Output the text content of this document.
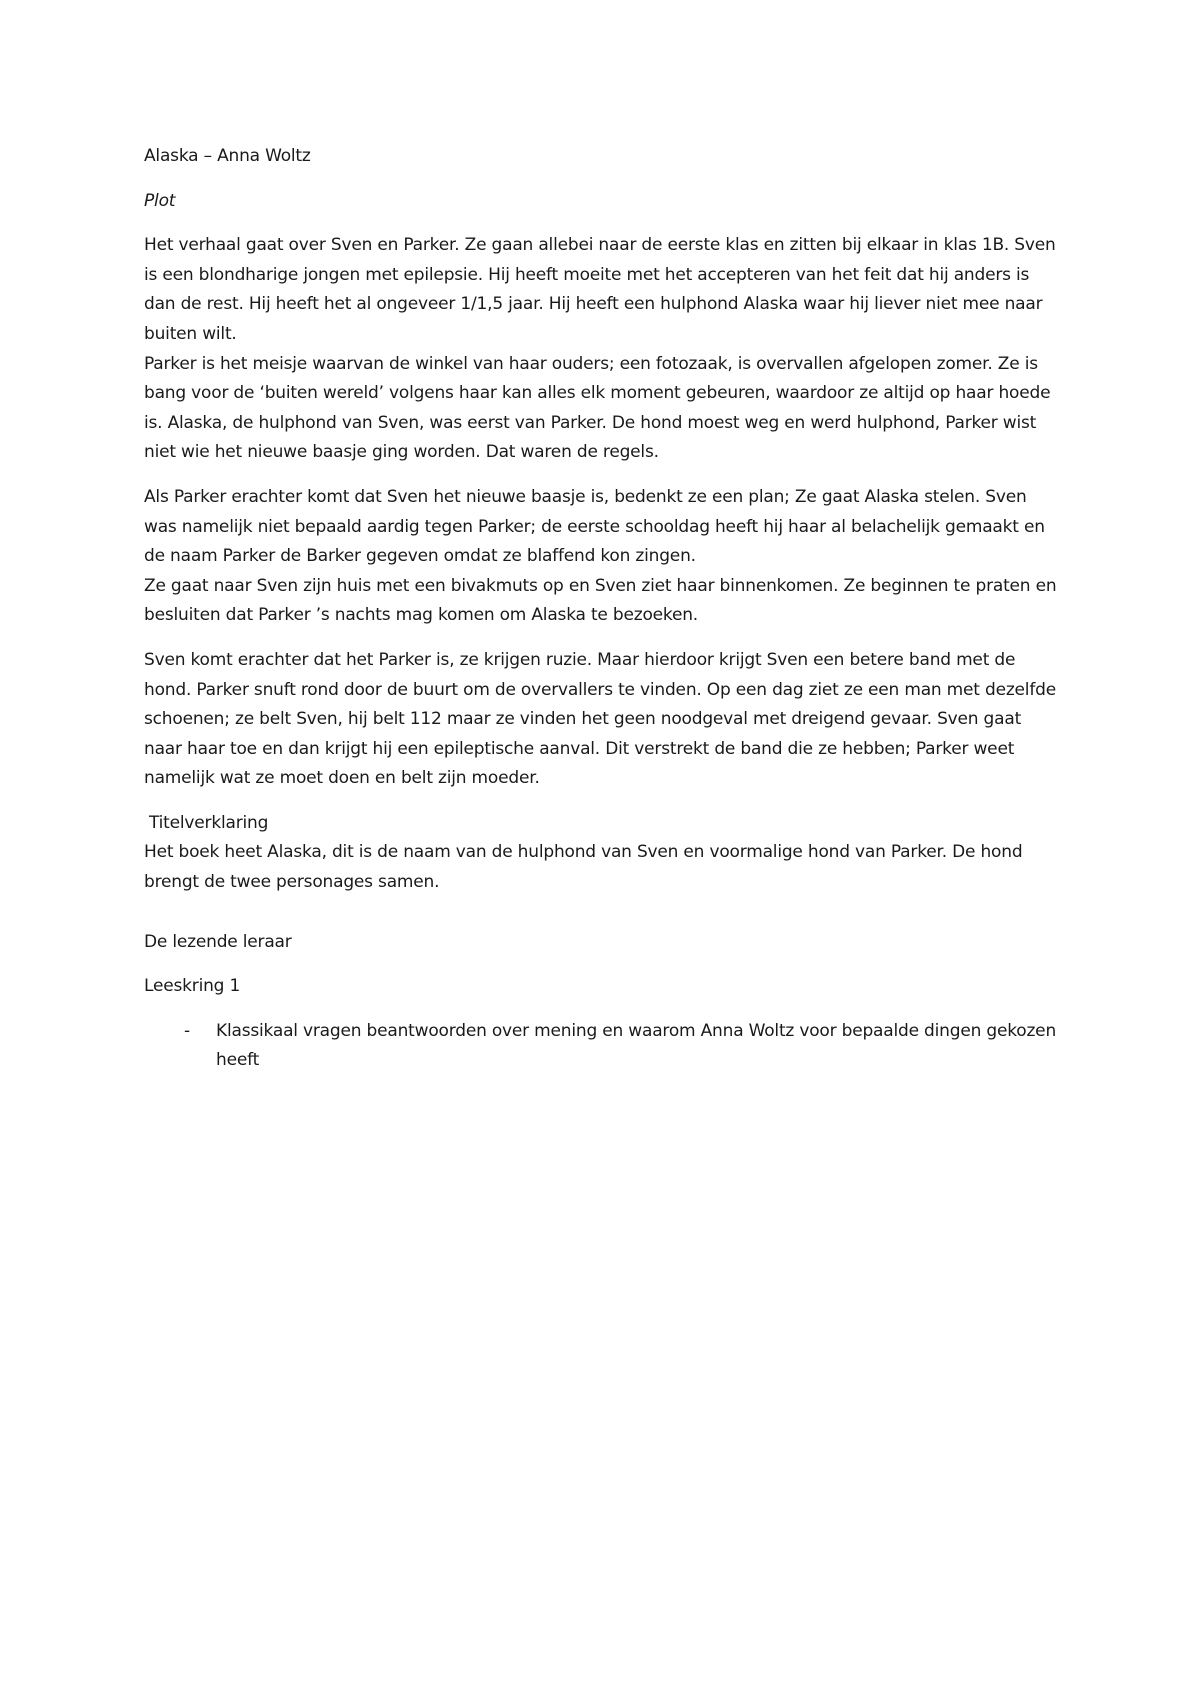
Alaska – Anna Woltz

Plot

Het verhaal gaat over Sven en Parker. Ze gaan allebei naar de eerste klas en zitten bij elkaar in klas 1B. Sven is een blondharige jongen met epilepsie. Hij heeft moeite met het accepteren van het feit dat hij anders is dan de rest. Hij heeft het al ongeveer 1/1,5 jaar. Hij heeft een hulphond Alaska waar hij liever niet mee naar buiten wilt.

Parker is het meisje waarvan de winkel van haar ouders; een fotozaak, is overvallen afgelopen zomer. Ze is bang voor de ‘buiten wereld’ volgens haar kan alles elk moment gebeuren, waardoor ze altijd op haar hoede is. Alaska, de hulphond van Sven, was eerst van Parker. De hond moest weg en werd hulphond, Parker wist niet wie het nieuwe baasje ging worden. Dat waren de regels.

Als Parker erachter komt dat Sven het nieuwe baasje is, bedenkt ze een plan; Ze gaat Alaska stelen. Sven was namelijk niet bepaald aardig tegen Parker; de eerste schooldag heeft hij haar al belachelijk gemaakt en de naam Parker de Barker gegeven omdat ze blaffend kon zingen.

Ze gaat naar Sven zijn huis met een bivakmuts op en Sven ziet haar binnenkomen. Ze beginnen te praten en besluiten dat Parker ’s nachts mag komen om Alaska te bezoeken.

Sven komt erachter dat het Parker is, ze krijgen ruzie. Maar hierdoor krijgt Sven een betere band met de hond. Parker snuft rond door de buurt om de overvallers te vinden. Op een dag ziet ze een man met dezelfde schoenen; ze belt Sven, hij belt 112 maar ze vinden het geen noodgeval met dreigend gevaar. Sven gaat naar haar toe en dan krijgt hij een epileptische aanval. Dit verstrekt de band die ze hebben; Parker weet namelijk wat ze moet doen en belt zijn moeder.

Titelverklaring

Het boek heet Alaska, dit is de naam van de hulphond van Sven en voormalige hond van Parker. De hond brengt de twee personages samen.

De lezende leraar

Leeskring 1

- Klassikaal vragen beantwoorden over mening en waarom Anna Woltz voor bepaalde dingen gekozen heeft
